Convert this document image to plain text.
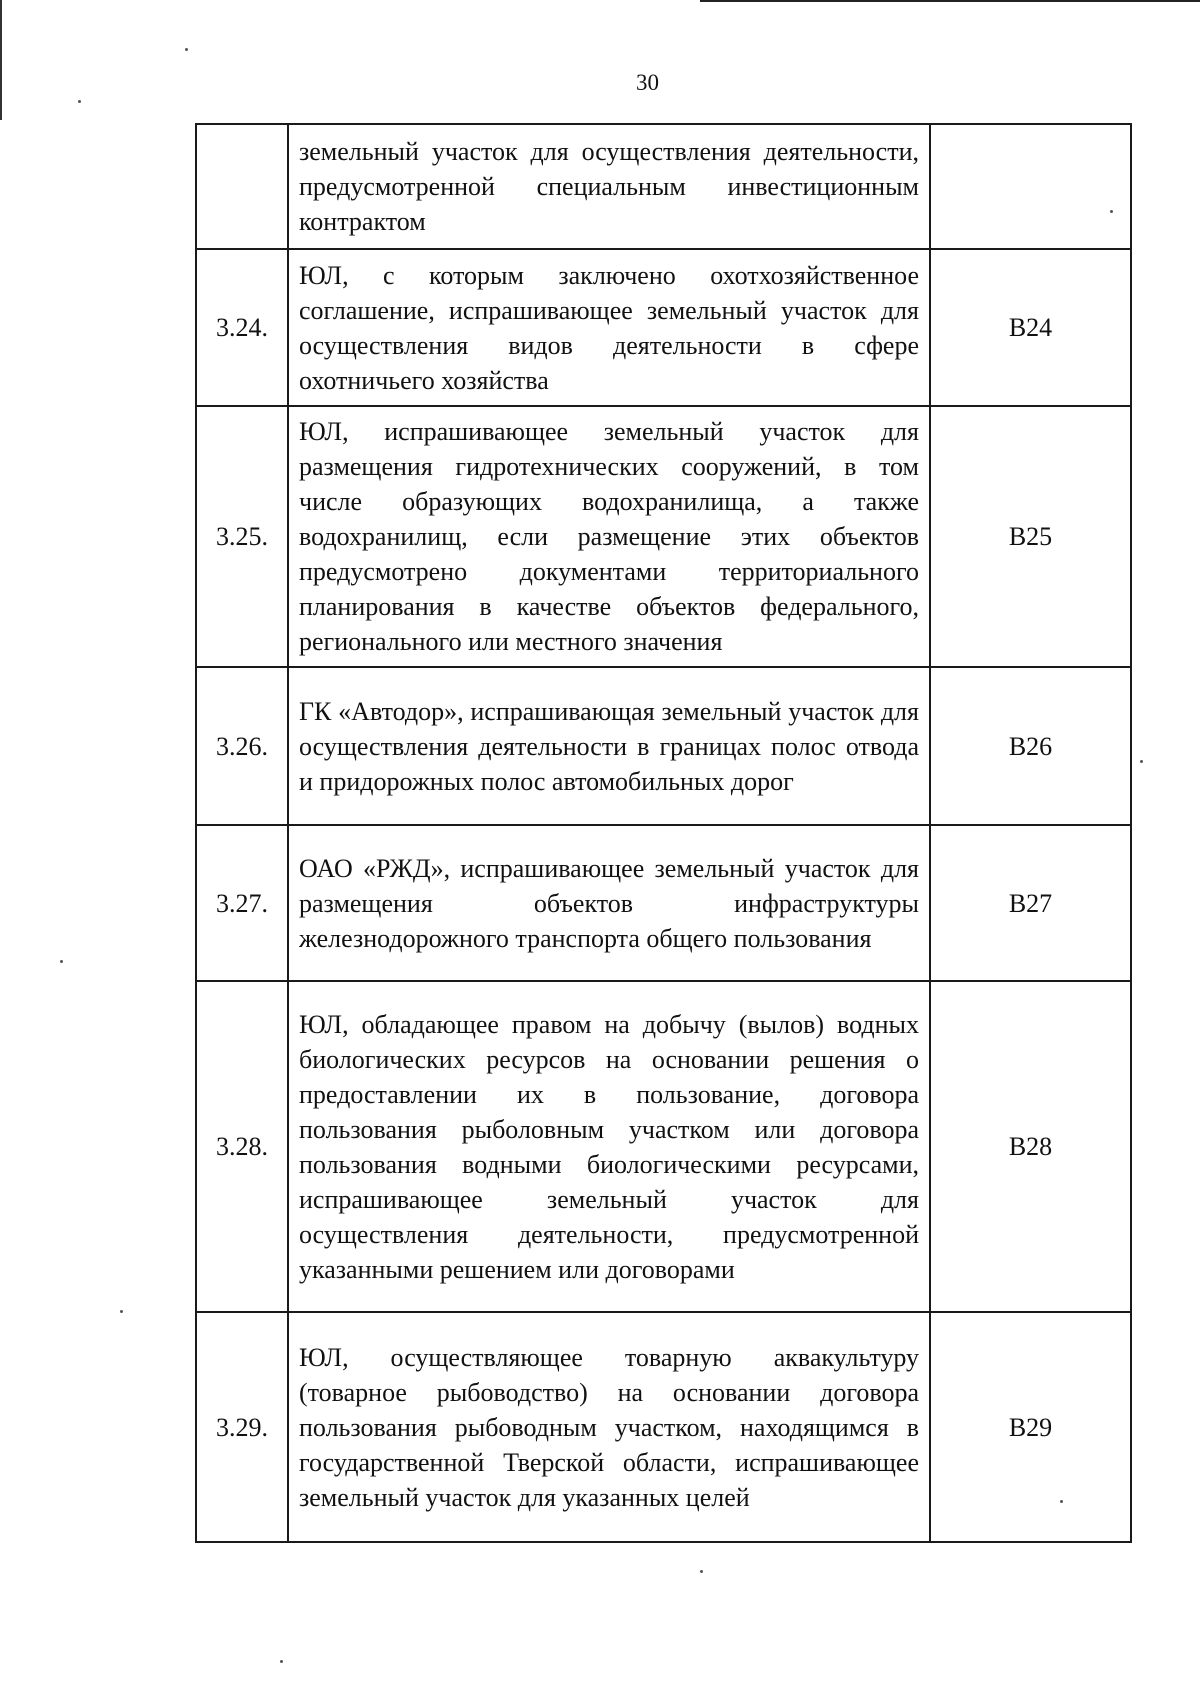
30
	земельный участок для осуществления деятельности, предусмотренной специальным инвестиционным контрактом	
3.24.	ЮЛ, с которым заключено охотхозяйственное соглашение, испрашивающее земельный участок для осуществления видов деятельности в сфере охотничьего хозяйства	В24
3.25.	ЮЛ, испрашивающее земельный участок для размещения гидротехнических сооружений, в том числе образующих водохранилища, а также водохранилищ, если размещение этих объектов предусмотрено документами территориального планирования в качестве объектов федерального, регионального или местного значения	В25
3.26.	ГК «Автодор», испрашивающая земельный участок для осуществления деятельности в границах полос отвода и придорожных полос автомобильных дорог	В26
3.27.	ОАО «РЖД», испрашивающее земельный участок для размещения объектов инфраструктуры железнодорожного транспорта общего пользования	В27
3.28.	ЮЛ, обладающее правом на добычу (вылов) водных биологических ресурсов на основании решения о предоставлении их в пользование, договора пользования рыболовным участком или договора пользования водными биологическими ресурсами, испрашивающее земельный участок для осуществления деятельности, предусмотренной указанными решением или договорами	В28
3.29.	ЮЛ, осуществляющее товарную аквакультуру (товарное рыбоводство) на основании договора пользования рыбоводным участком, находящимся в государственной Тверской области, испрашивающее земельный участок для указанных целей	В29
